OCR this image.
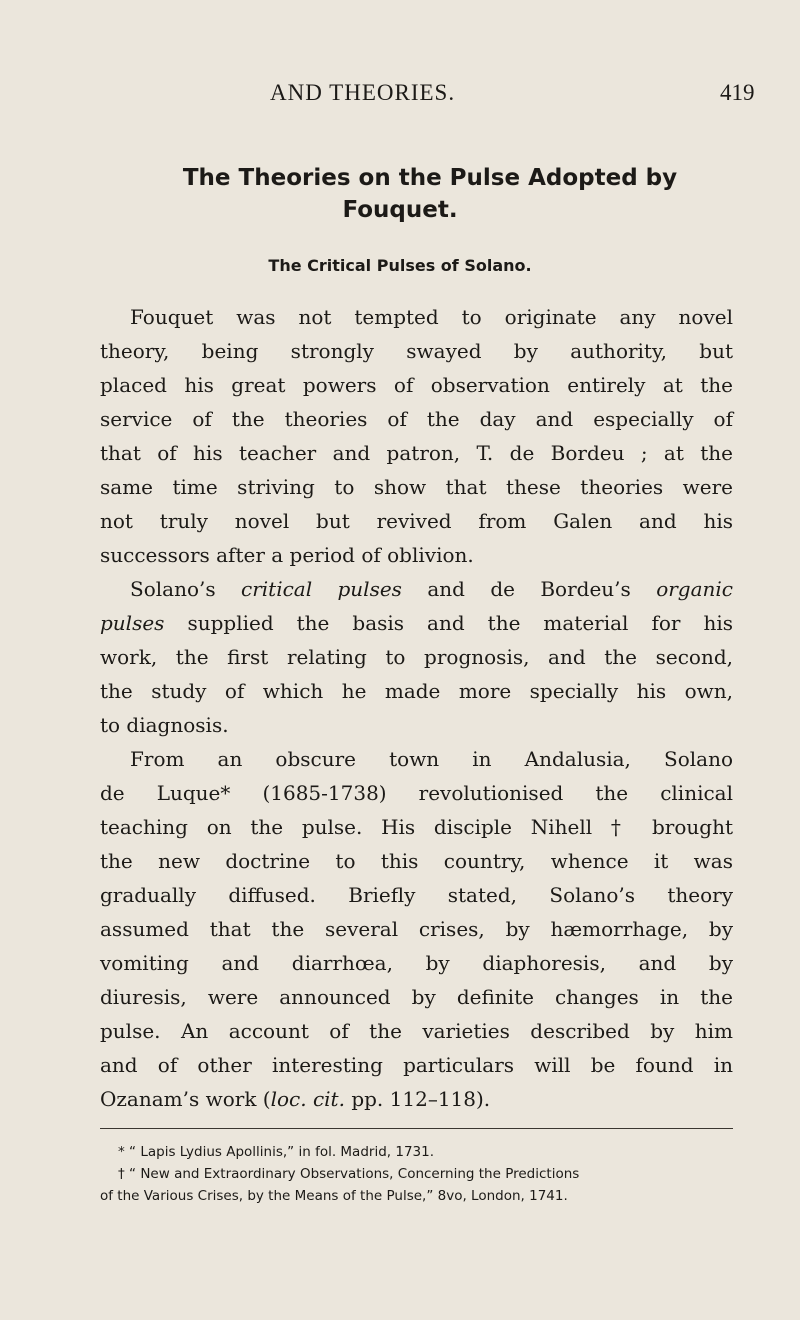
AND THEORIES.	419
The Theories on the Pulse Adopted by
Fouquet.
The Critical Pulses of Solano.
Fouquet was not tempted to originate any novel
theory, being strongly swayed by authority, but
placed his great powers of observation entirely at the
service of the theories of the day and especially of
that of his teacher and patron, T. de Bordeu ; at the
same time striving to show that these theories were
not truly novel but revived from Galen and his
successors after a period of oblivion.
Solano’s critical pulses and de Bordeu’s organic
pulses supplied the basis and the material for his
work, the first relating to prognosis, and the second,
the study of which he made more specially his own,
to diagnosis.
From an obscure town in Andalusia, Solano
de Luque* (1685-1738) revolutionised the clinical
teaching on the pulse. His disciple Nihell † brought
the new doctrine to this country, whence it was
gradually diffused. Briefly stated, Solano’s theory
assumed that the several crises, by hæmorrhage, by
vomiting and diarrhœa, by diaphoresis, and by
diuresis, were announced by definite changes in the
pulse. An account of the varieties described by him
and of other interesting particulars will be found in
Ozanam’s work (loc. cit. pp. 112–118).
* “ Lapis Lydius Apollinis,” in fol. Madrid, 1731.
† “ New and Extraordinary Observations, Concerning the Predictions
of the Various Crises, by the Means of the Pulse,” 8vo, London, 1741.
